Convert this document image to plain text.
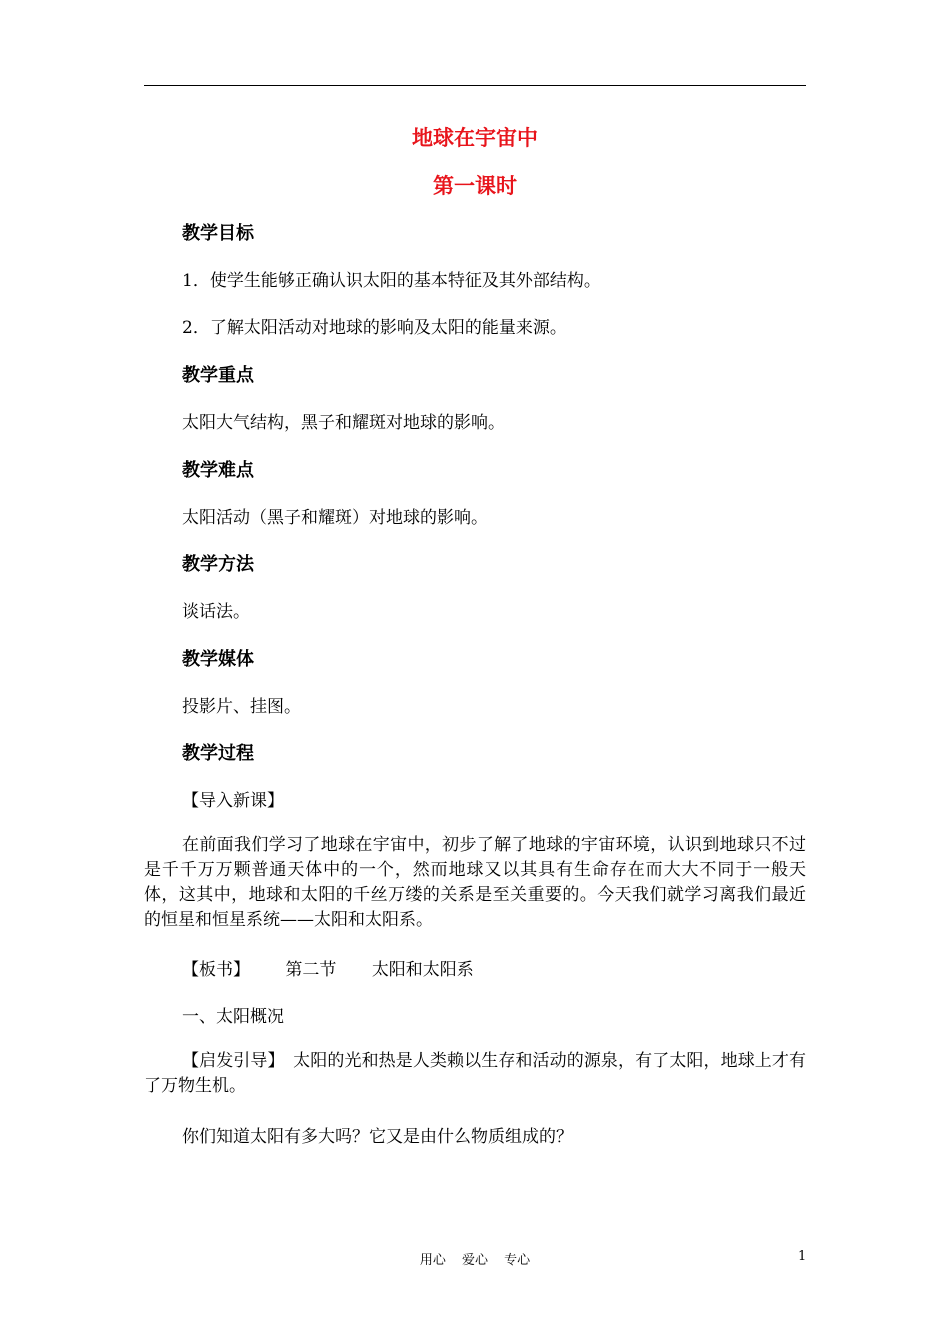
地球在宇宙中
第一课时
教学目标
1．使学生能够正确认识太阳的基本特征及其外部结构。
2．了解太阳活动对地球的影响及太阳的能量来源。
教学重点
太阳大气结构，黑子和耀斑对地球的影响。
教学难点
太阳活动（黑子和耀斑）对地球的影响。
教学方法
谈话法。
教学媒体
投影片、挂图。
教学过程
【导入新课】
在前面我们学习了地球在宇宙中，初步了解了地球的宇宙环境，认识到地球只不过是千千万万颗普通天体中的一个，然而地球又以其具有生命存在而大大不同于一般天体，这其中，地球和太阳的千丝万缕的关系是至关重要的。今天我们就学习离我们最近的恒星和恒星系统——太阳和太阳系。
【板书】 第二节 太阳和太阳系
一、太阳概况
【启发引导】　太阳的光和热是人类赖以生存和活动的源泉，有了太阳，地球上才有了万物生机。
你们知道太阳有多大吗？它又是由什么物质组成的？
用心 爱心 专心	1
